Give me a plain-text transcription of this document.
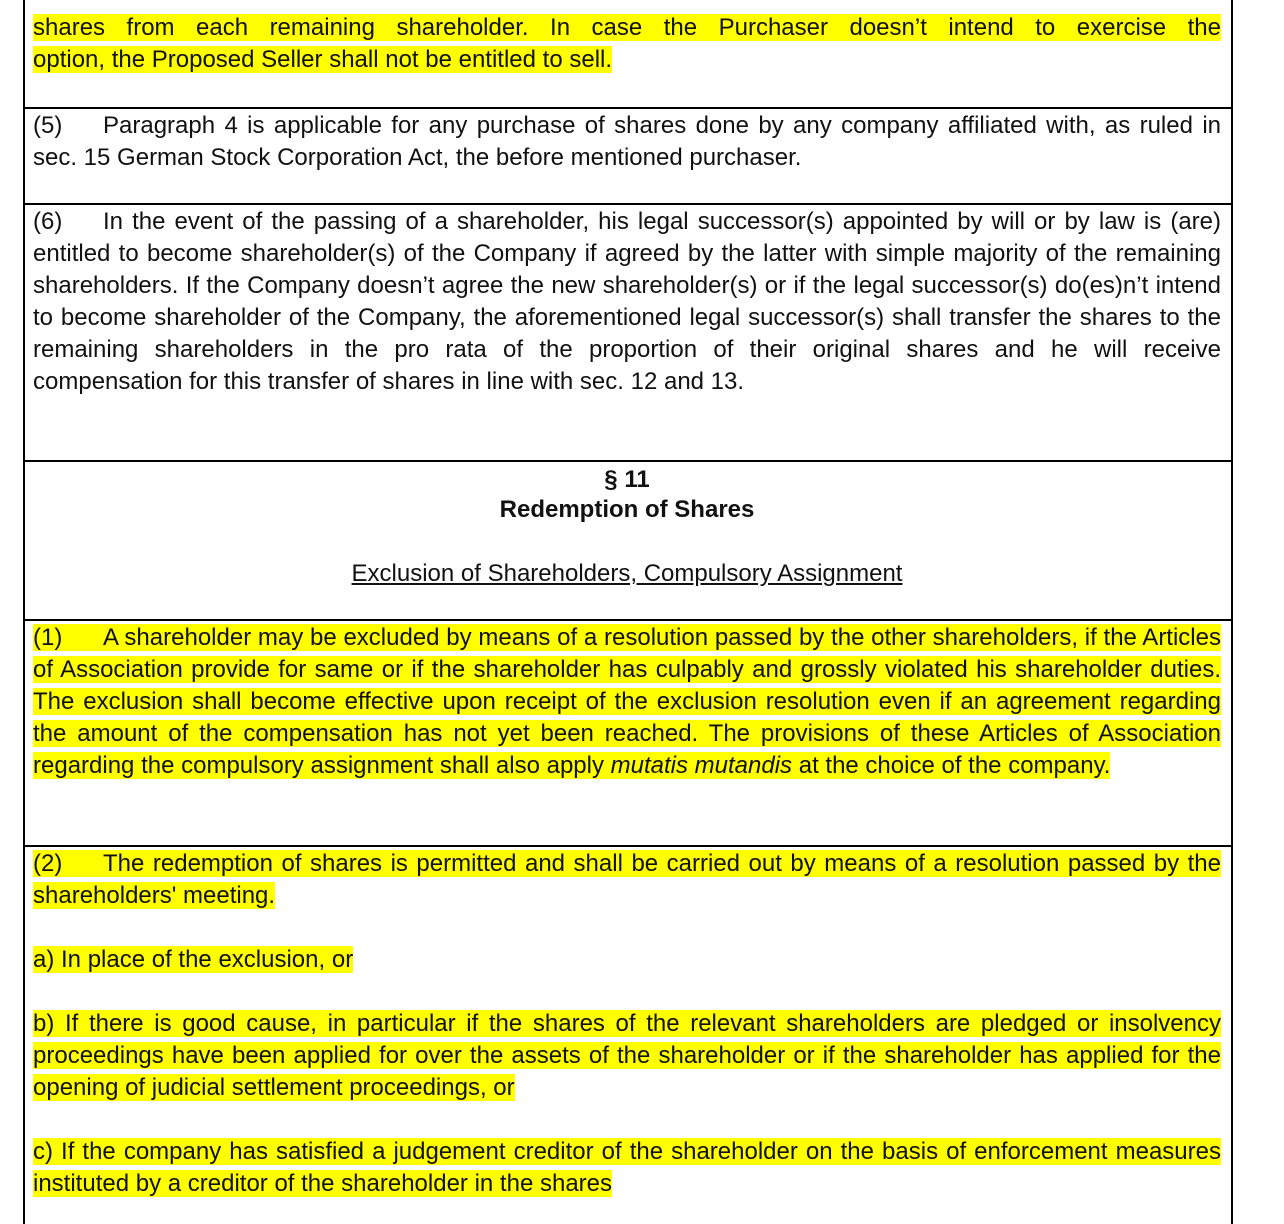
shares from each remaining shareholder. In case the Purchaser doesn’t intend to exercise the

option, the Proposed Seller shall not be entitled to sell.

(5) Paragraph 4 is applicable for any purchase of shares done by any company affiliated with, as ruled in sec. 15 German Stock Corporation Act, the before mentioned purchaser.

(6) In the event of the passing of a shareholder, his legal successor(s) appointed by will or by law is (are) entitled to become shareholder(s) of the Company if agreed by the latter with simple majority of the remaining shareholders. If the Company doesn’t agree the new shareholder(s) or if the legal successor(s) do(es)n’t intend to become shareholder of the Company, the aforementioned legal successor(s) shall transfer the shares to the remaining shareholders in the pro rata of the proportion of their original shares and he will receive compensation for this transfer of shares in line with sec. 12 and 13.

§ 11

Redemption of Shares

Exclusion of Shareholders, Compulsory Assignment

(1) A shareholder may be excluded by means of a resolution passed by the other shareholders, if the Articles of Association provide for same or if the shareholder has culpably and grossly violated his shareholder duties. The exclusion shall become effective upon receipt of the exclusion resolution even if an agreement regarding the amount of the compensation has not yet been reached. The provisions of these Articles of Association regarding the compulsory assignment shall also apply mutatis mutandis at the choice of the company.

(2) The redemption of shares is permitted and shall be carried out by means of a resolution passed by the shareholders' meeting.

a) In place of the exclusion, or

b) If there is good cause, in particular if the shares of the relevant shareholders are pledged or insolvency proceedings have been applied for over the assets of the shareholder or if the shareholder has applied for the opening of judicial settlement proceedings, or

c) If the company has satisfied a judgement creditor of the shareholder on the basis of enforcement measures instituted by a creditor of the shareholder in the shares
